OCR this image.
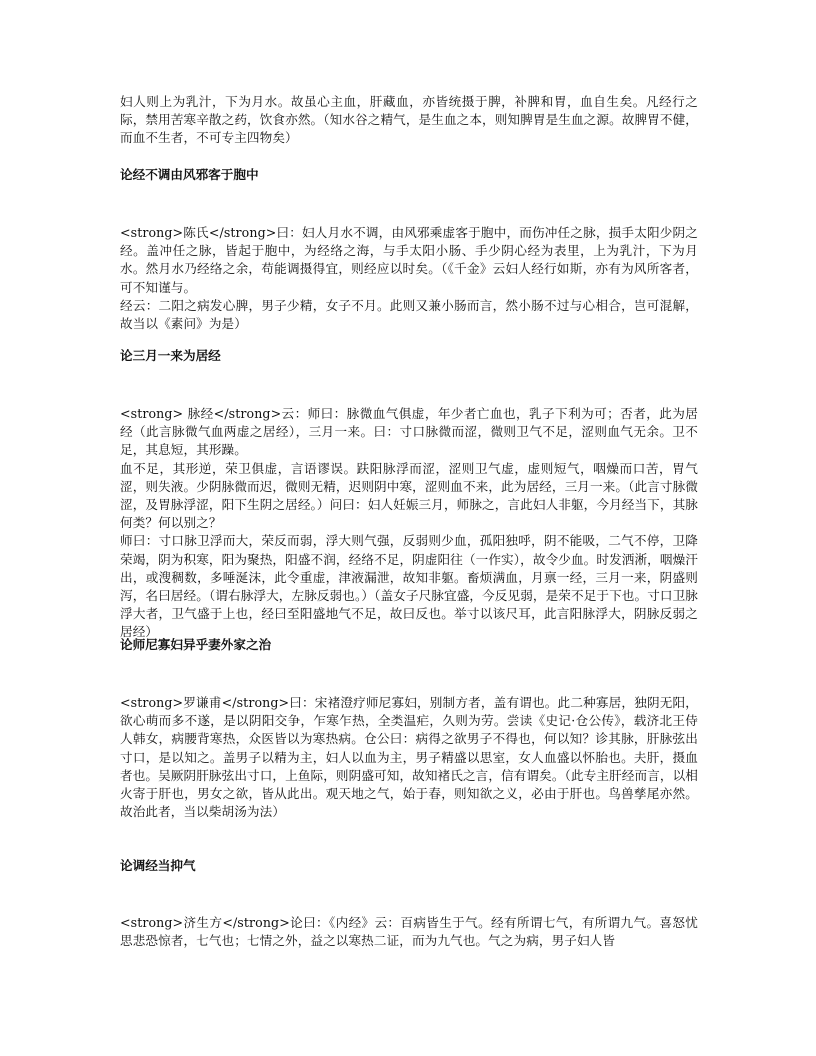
妇人则上为乳汁，下为月水。故虽心主血，肝藏血，亦皆统摄于脾，补脾和胃，血自生矣。凡经行之际，禁用苦寒辛散之药，饮食亦然。（知水谷之精气，是生血之本，则知脾胃是生血之源。故脾胃不健，而血不生者，不可专主四物矣）

论经不调由风邪客于胞中

<strong>陈氏</strong>曰：妇人月水不调，由风邪乘虚客于胞中，而伤冲任之脉，损手太阳少阴之经。盖冲任之脉，皆起于胞中，为经络之海，与手太阳小肠、手少阴心经为表里，上为乳汁，下为月水。然月水乃经络之余，苟能调摄得宜，则经应以时矣。（《千金》云妇人经行如斯，亦有为风所客者，可不知谨与。

经云：二阳之病发心脾，男子少精，女子不月。此则又兼小肠而言，然小肠不过与心相合，岂可混解，故当以《素问》为是）

论三月一来为居经

<strong> 脉经</strong>云：师曰：脉微血气俱虚，年少者亡血也，乳子下利为可；否者，此为居经（此言脉微气血两虚之居经），三月一来。曰：寸口脉微而涩，微则卫气不足，涩则血气无余。卫不足，其息短，其形躁。

血不足，其形逆，荣卫俱虚，言语谬误。趺阳脉浮而涩，涩则卫气虚，虚则短气，咽燥而口苦，胃气涩，则失液。少阴脉微而迟，微则无精，迟则阴中寒，涩则血不来，此为居经，三月一来。（此言寸脉微涩，及胃脉浮涩，阳下生阴之居经。）问曰：妇人妊娠三月，师脉之，言此妇人非躯，今月经当下，其脉何类？何以别之？

师曰：寸口脉卫浮而大，荣反而弱，浮大则气强，反弱则少血，孤阳独呼，阴不能吸，二气不停，卫降荣竭，阴为积寒，阳为聚热，阳盛不润，经络不足，阴虚阳往（一作实），故令少血。时发洒淅，咽燥汗出，或溲稠数，多唾涎沫，此令重虚，津液漏泄，故知非躯。畜烦满血，月禀一经，三月一来，阴盛则泻，名曰居经。（谓右脉浮大，左脉反弱也。）（盖女子尺脉宜盛，今反见弱，是荣不足于下也。寸口卫脉浮大者，卫气盛于上也，经曰至阳盛地气不足，故曰反也。举寸以该尺耳，此言阳脉浮大，阴脉反弱之居经）

论师尼寡妇异乎妻外家之治

<strong>罗谦甫</strong>曰：宋褚澄疗师尼寡妇，别制方者，盖有谓也。此二种寡居，独阴无阳，欲心萌而多不遂，是以阴阳交争，乍寒乍热，全类温疟，久则为劳。尝读《史记·仓公传》，载济北王侍人韩女，病腰背寒热，众医皆以为寒热病。仓公曰：病得之欲男子不得也，何以知？诊其脉，肝脉弦出寸口，是以知之。盖男子以精为主，妇人以血为主，男子精盛以思室，女人血盛以怀胎也。夫肝，摄血者也。吴厥阴肝脉弦出寸口，上鱼际，则阴盛可知，故知褚氏之言，信有谓矣。（此专主肝经而言，以相火寄于肝也，男女之欲，皆从此出。观天地之气，始于春，则知欲之义，必由于肝也。鸟兽孳尾亦然。故治此者，当以柴胡汤为法）

论调经当抑气

<strong>济生方</strong>论曰：《内经》云：百病皆生于气。经有所谓七气，有所谓九气。喜怒忧思悲恐惊者，七气也；七情之外，益之以寒热二证，而为九气也。气之为病，男子妇人皆
